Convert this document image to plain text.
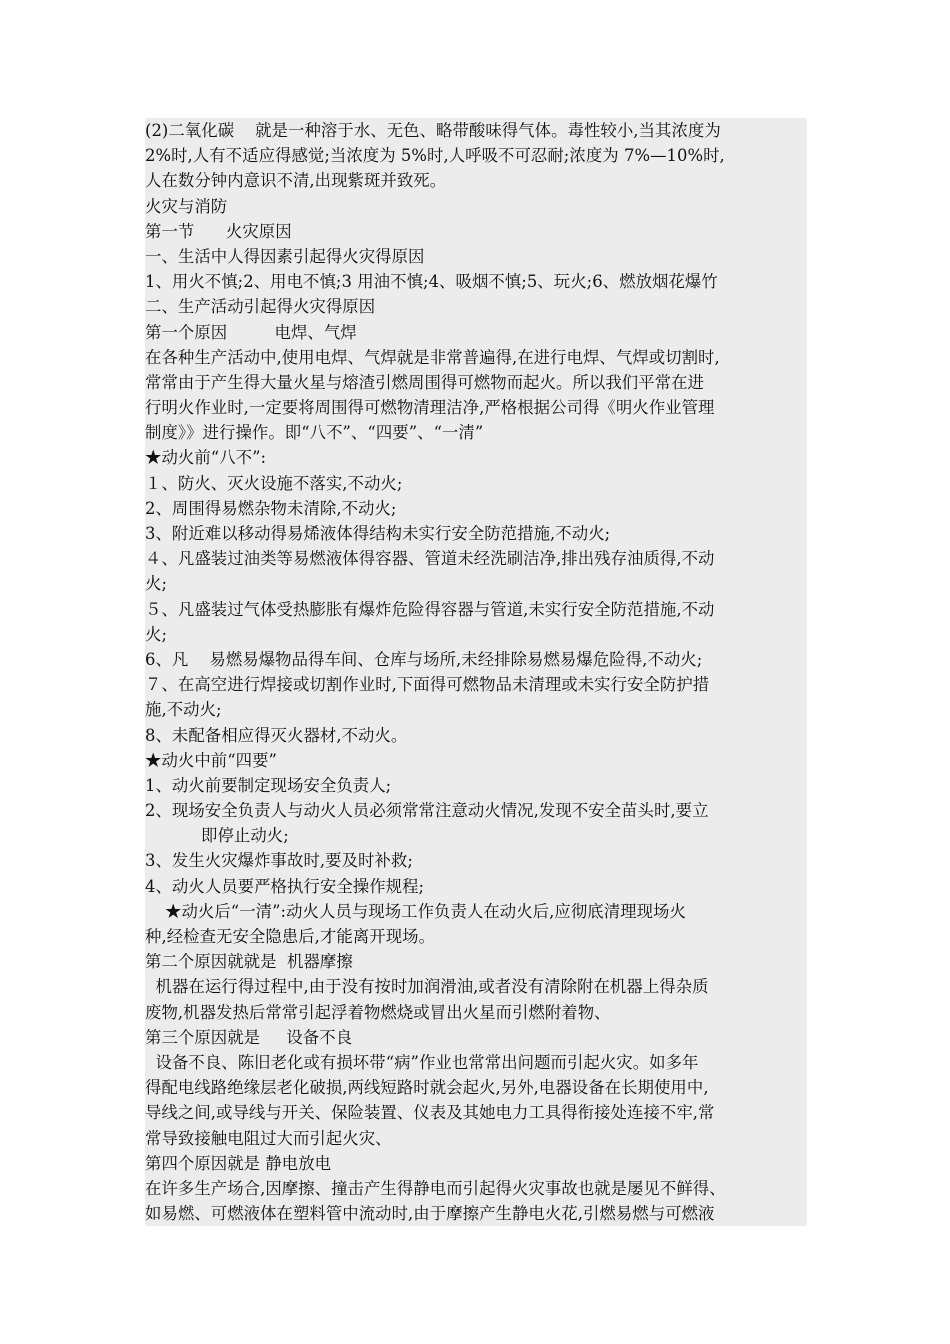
(2)二氧化碳    就是一种溶于水、无色、略带酸味得气体。毒性较小,当其浓度为
2%时,人有不适应得感觉;当浓度为 5%时,人呼吸不可忍耐;浓度为 7%—10%时,
人在数分钟内意识不清,出现紫斑并致死。
火灾与消防
第一节      火灾原因
一、生活中人得因素引起得火灾得原因
1、用火不慎;2、用电不慎;3 用油不慎;4、吸烟不慎;5、玩火;6、燃放烟花爆竹
二、生产活动引起得火灾得原因
第一个原因         电焊、气焊
在各种生产活动中,使用电焊、气焊就是非常普遍得,在进行电焊、气焊或切割时,
常常由于产生得大量火星与熔渣引燃周围得可燃物而起火。所以我们平常在进
行明火作业时,一定要将周围得可燃物清理洁净,严格根据公司得《明火作业管理
制度》》进行操作。即“八不”、“四要”、“一清”
★动火前“八不”:
１、防火、灭火设施不落实,不动火;
2、周围得易燃杂物未清除,不动火;
3、附近难以移动得易烯液体得结构未实行安全防范措施,不动火;
４、凡盛装过油类等易燃液体得容器、管道未经洗刷洁净,排出残存油质得,不动
火;
５、凡盛装过气体受热膨胀有爆炸危险得容器与管道,未实行安全防范措施,不动
火;
6、凡    易燃易爆物品得车间、仓库与场所,未经排除易燃易爆危险得,不动火;
７、在高空进行焊接或切割作业时,下面得可燃物品未清理或未实行安全防护措
施,不动火;
8、未配备相应得灭火器材,不动火。
★动火中前“四要”
1、动火前要制定现场安全负责人;
2、现场安全负责人与动火人员必须常常注意动火情况,发现不安全苗头时,要立
即停止动火;
3、发生火灾爆炸事故时,要及时补救;
4、动火人员要严格执行安全操作规程;
★动火后“一清”:动火人员与现场工作负责人在动火后,应彻底清理现场火
种,经检查无安全隐患后,才能离开现场。
第二个原因就就是  机器摩擦
机器在运行得过程中,由于没有按时加润滑油,或者没有清除附在机器上得杂质
废物,机器发热后常常引起浮着物燃烧或冒出火星而引燃附着物、
第三个原因就是     设备不良
设备不良、陈旧老化或有损坏带“病”作业也常常出问题而引起火灾。如多年
得配电线路绝缘层老化破损,两线短路时就会起火,另外,电器设备在长期使用中,
导线之间,或导线与开关、保险装置、仪表及其她电力工具得衔接处连接不牢,常
常导致接触电阻过大而引起火灾、
第四个原因就是 静电放电
在许多生产场合,因摩擦、撞击产生得静电而引起得火灾事故也就是屡见不鲜得、
如易燃、可燃液体在塑料管中流动时,由于摩擦产生静电火花,引燃易燃与可燃液
